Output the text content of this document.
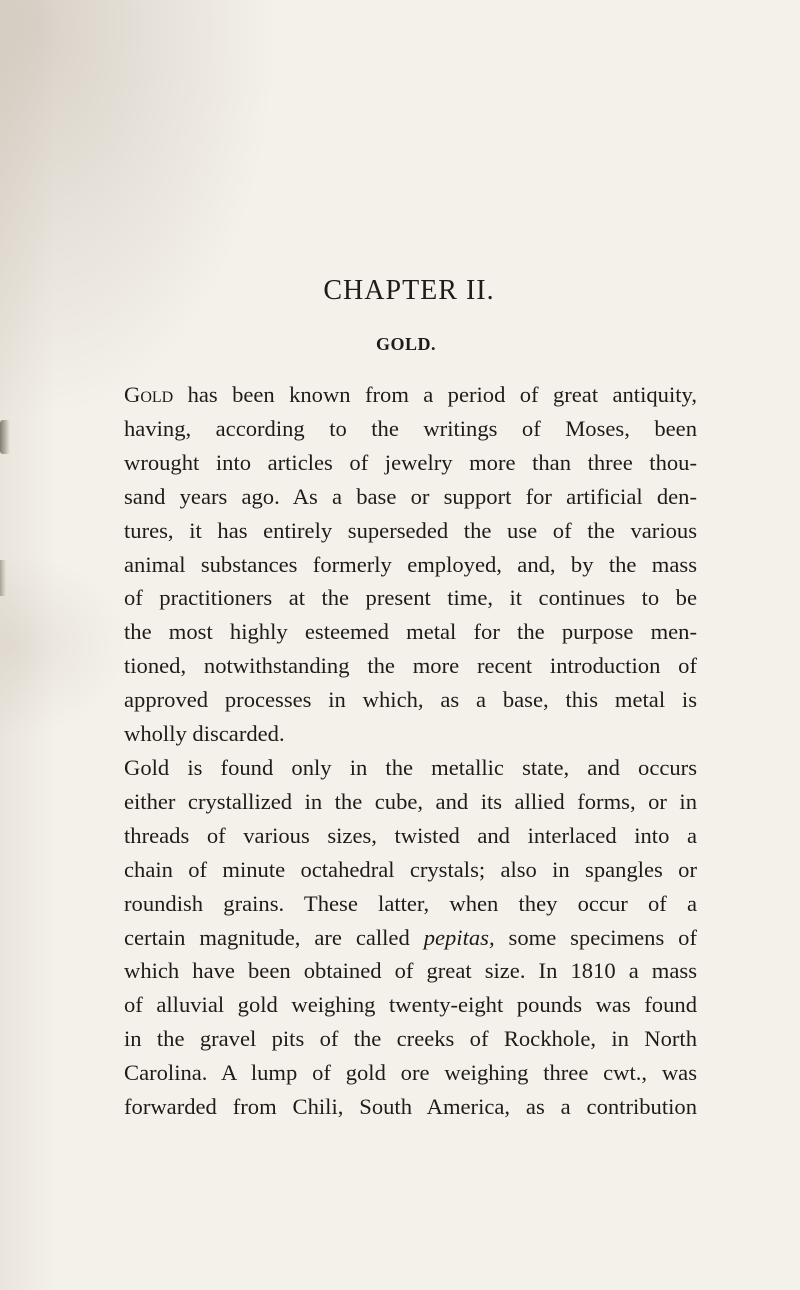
CHAPTER II.
GOLD.
Gold has been known from a period of great antiquity,
having, according to the writings of Moses, been
wrought into articles of jewelry more than three thou-
sand years ago. As a base or support for artificial den-
tures, it has entirely superseded the use of the various
animal substances formerly employed, and, by the mass
of practitioners at the present time, it continues to be
the most highly esteemed metal for the purpose men-
tioned, notwithstanding the more recent introduction of
approved processes in which, as a base, this metal is
wholly discarded.
Gold is found only in the metallic state, and occurs
either crystallized in the cube, and its allied forms, or in
threads of various sizes, twisted and interlaced into a
chain of minute octahedral crystals; also in spangles or
roundish grains. These latter, when they occur of a
certain magnitude, are called pepitas, some specimens of
which have been obtained of great size. In 1810 a mass
of alluvial gold weighing twenty-eight pounds was found
in the gravel pits of the creeks of Rockhole, in North
Carolina. A lump of gold ore weighing three cwt., was
forwarded from Chili, South America, as a contribution
